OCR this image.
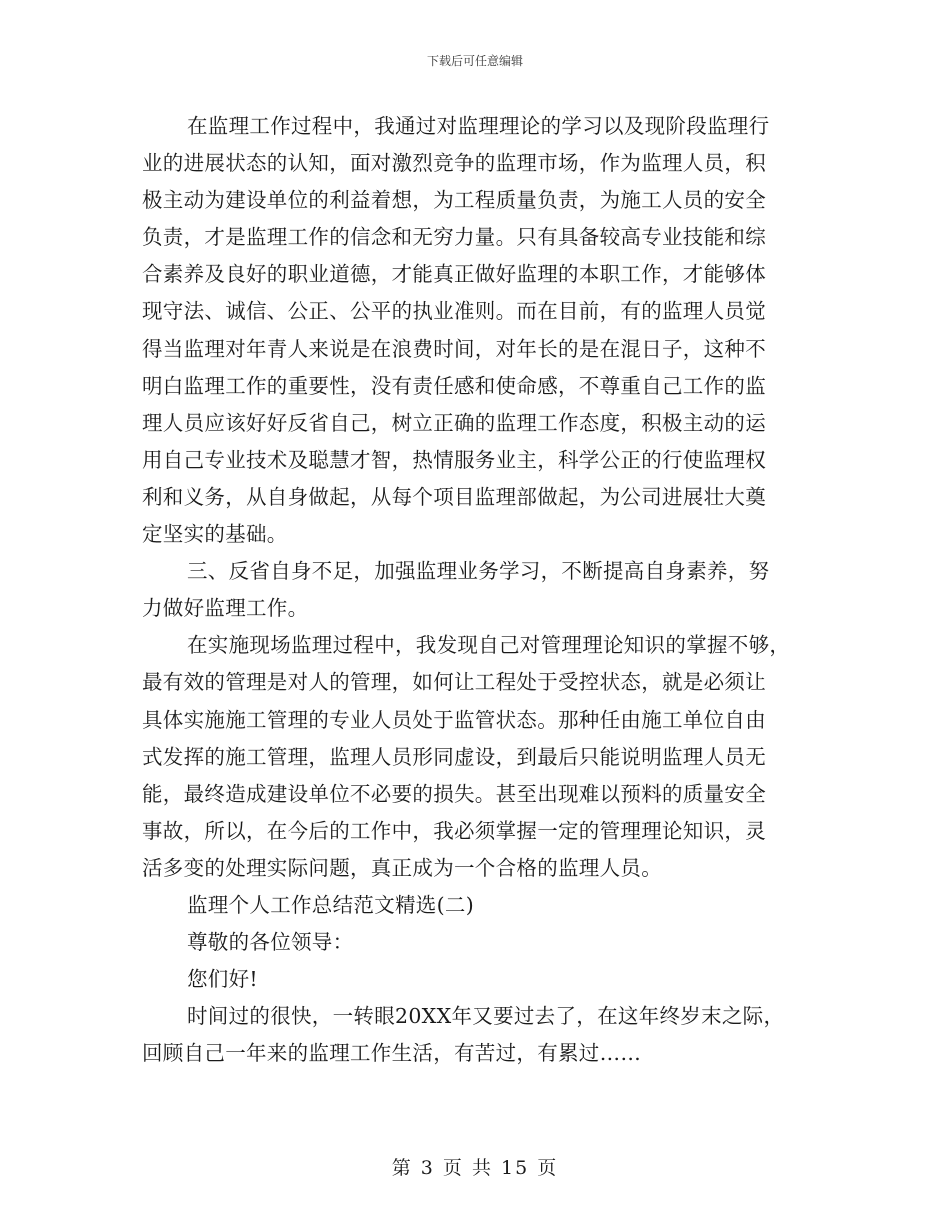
下载后可任意编辑
在监理工作过程中，我通过对监理理论的学习以及现阶段监理行
业的进展状态的认知，面对激烈竞争的监理市场，作为监理人员，积
极主动为建设单位的利益着想，为工程质量负责，为施工人员的安全
负责，才是监理工作的信念和无穷力量。只有具备较高专业技能和综
合素养及良好的职业道德，才能真正做好监理的本职工作，才能够体
现守法、诚信、公正、公平的执业准则。而在目前，有的监理人员觉
得当监理对年青人来说是在浪费时间，对年长的是在混日子，这种不
明白监理工作的重要性，没有责任感和使命感，不尊重自己工作的监
理人员应该好好反省自己，树立正确的监理工作态度，积极主动的运
用自己专业技术及聪慧才智，热情服务业主，科学公正的行使监理权
利和义务，从自身做起，从每个项目监理部做起，为公司进展壮大奠
定坚实的基础。
三、反省自身不足，加强监理业务学习，不断提高自身素养，努
力做好监理工作。
在实施现场监理过程中，我发现自己对管理理论知识的掌握不够，
最有效的管理是对人的管理，如何让工程处于受控状态，就是必须让
具体实施施工管理的专业人员处于监管状态。那种任由施工单位自由
式发挥的施工管理，监理人员形同虚设，到最后只能说明监理人员无
能，最终造成建设单位不必要的损失。甚至出现难以预料的质量安全
事故，所以，在今后的工作中，我必须掌握一定的管理理论知识，灵
活多变的处理实际问题，真正成为一个合格的监理人员。
监理个人工作总结范文精选(二)
尊敬的各位领导：
您们好!
时间过的很快，一转眼20XX年又要过去了，在这年终岁末之际，
回顾自己一年来的监理工作生活，有苦过，有累过……
第 3 页 共 15 页
